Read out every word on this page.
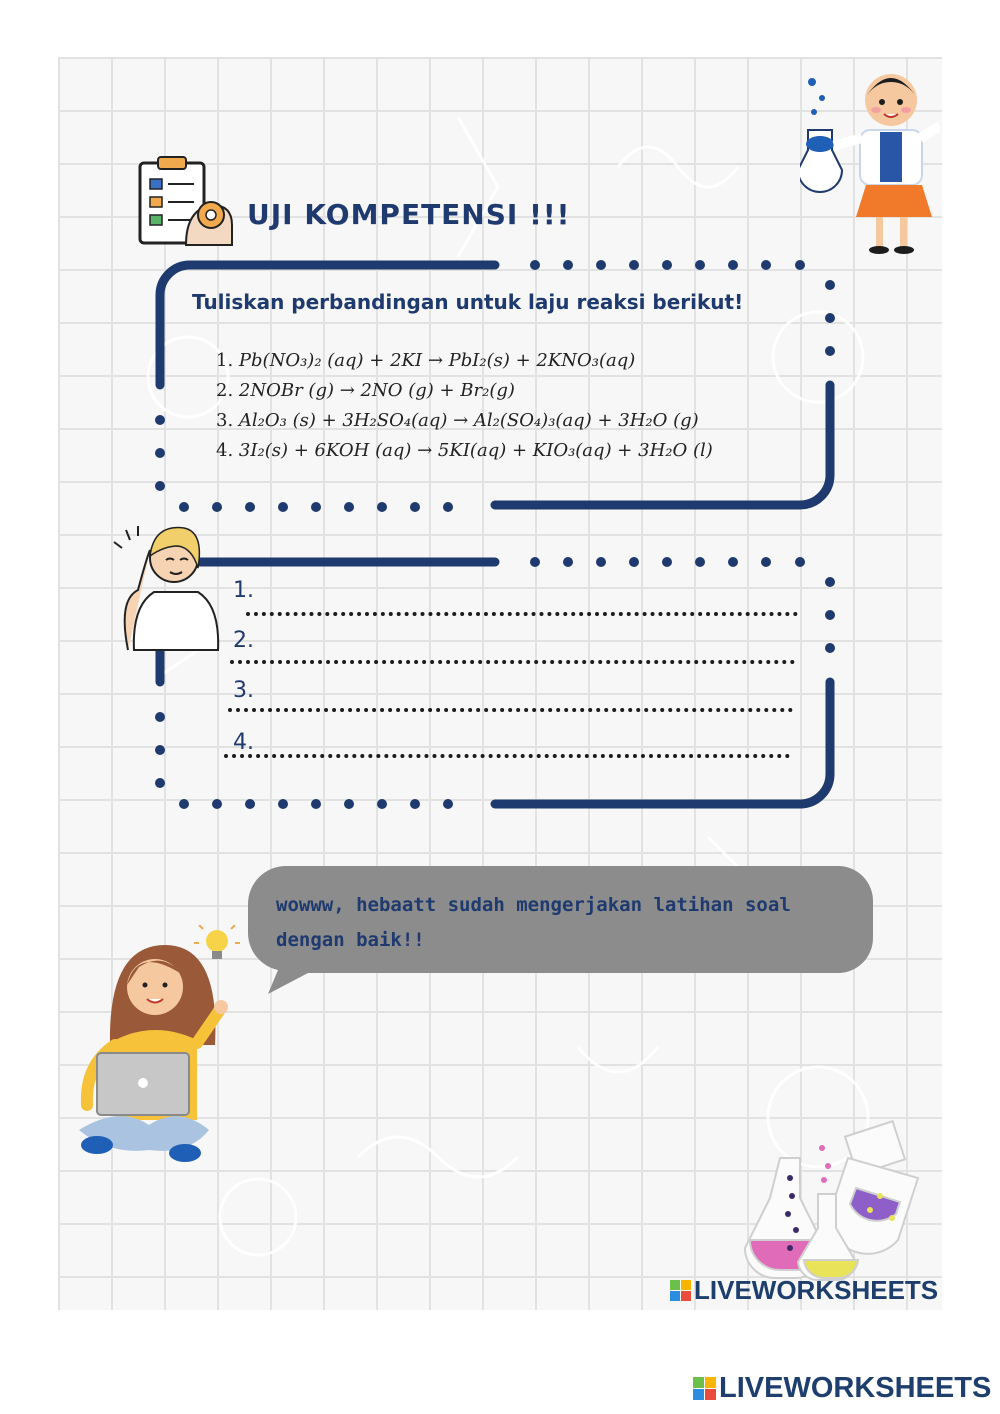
UJI KOMPETENSI !!!
Tuliskan perbandingan untuk laju reaksi berikut!
1. Pb(NO₃)₂ (aq) + 2KI → PbI₂(s) + 2KNO₃(aq)
2. 2NOBr (g) → 2NO (g) + Br₂(g)
3. Al₂O₃ (s) + 3H₂SO₄(aq) → Al₂(SO₄)₃(aq) + 3H₂O (g)
4. 3I₂(s) + 6KOH (aq) → 5KI(aq) + KIO₃(aq) + 3H₂O (l)
1.
2.
3.
4.
wowww, hebaatt sudah mengerjakan latihan soal dengan baik!!
LIVEWORKSHEETS
LIVEWORKSHEETS
